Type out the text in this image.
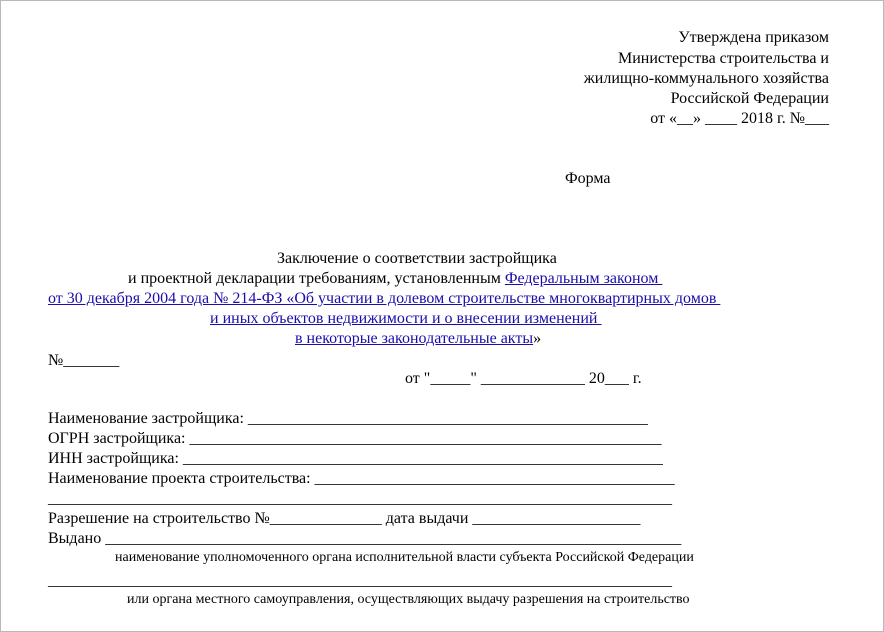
Утверждена приказом
Министерства строительства и
жилищно-коммунального хозяйства
Российской Федерации
от «__» ____ 2018 г. №___
Форма
Заключение о соответствии застройщика
и проектной декларации требованиям, установленным Федеральным законом
от 30 декабря 2004 года № 214-ФЗ «Об участии в долевом строительстве многоквартирных домов
и иных объектов недвижимости и о внесении изменений
в некоторые законодательные акты»
№_______
от "_____" _____________ 20___ г.
Наименование застройщика: __________________________________________________
ОГРН застройщика: ___________________________________________________________
ИНН застройщика: ____________________________________________________________
Наименование проекта строительства: _____________________________________________
______________________________________________________________________________
Разрешение на строительство №______________ дата выдачи _____________________
Выдано ________________________________________________________________________
наименование уполномоченного органа исполнительной власти субъекта Российской Федерации
______________________________________________________________________________
или органа местного самоуправления, осуществляющих выдачу разрешения на строительство
